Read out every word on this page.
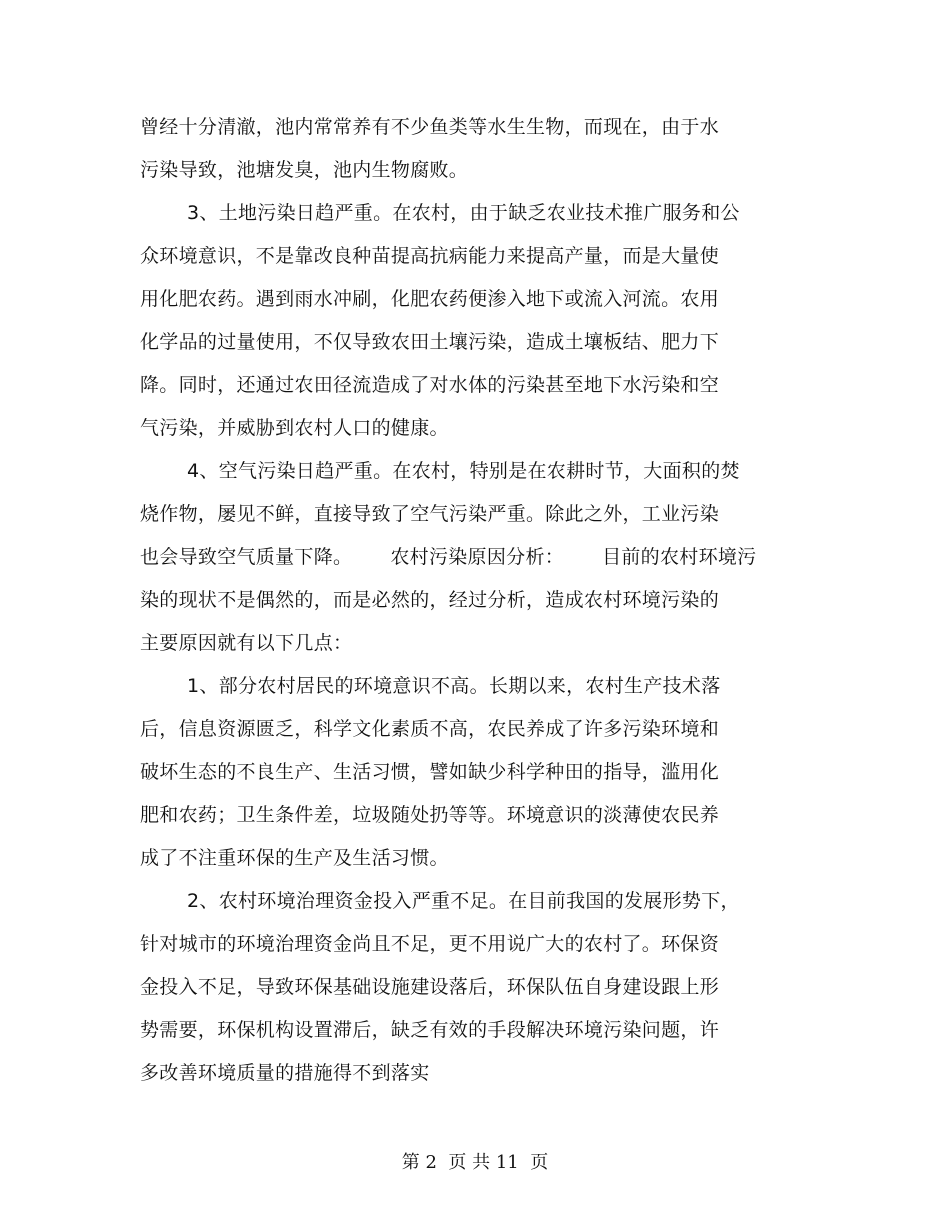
曾经十分清澈，池内常常养有不少鱼类等水生生物，而现在，由于水
污染导致，池塘发臭，池内生物腐败。
3、土地污染日趋严重。在农村，由于缺乏农业技术推广服务和公
众环境意识，不是靠改良种苗提高抗病能力来提高产量，而是大量使
用化肥农药。遇到雨水冲刷，化肥农药便渗入地下或流入河流。农用
化学品的过量使用，不仅导致农田土壤污染，造成土壤板结、肥力下
降。同时，还通过农田径流造成了对水体的污染甚至地下水污染和空
气污染，并威胁到农村人口的健康。
4、空气污染日趋严重。在农村，特别是在农耕时节，大面积的焚
烧作物，屡见不鲜，直接导致了空气污染严重。除此之外，工业污染
也会导致空气质量下降。      农村污染原因分析：      目前的农村环境污
染的现状不是偶然的，而是必然的，经过分析，造成农村环境污染的
主要原因就有以下几点：
1、部分农村居民的环境意识不高。长期以来，农村生产技术落
后，信息资源匮乏，科学文化素质不高，农民养成了许多污染环境和
破坏生态的不良生产、生活习惯，譬如缺少科学种田的指导，滥用化
肥和农药；卫生条件差，垃圾随处扔等等。环境意识的淡薄使农民养
成了不注重环保的生产及生活习惯。
2、农村环境治理资金投入严重不足。在目前我国的发展形势下，
针对城市的环境治理资金尚且不足，更不用说广大的农村了。环保资
金投入不足，导致环保基础设施建设落后，环保队伍自身建设跟上形
势需要，环保机构设置滞后，缺乏有效的手段解决环境污染问题，许
多改善环境质量的措施得不到落实
第 2  页 共 11  页
